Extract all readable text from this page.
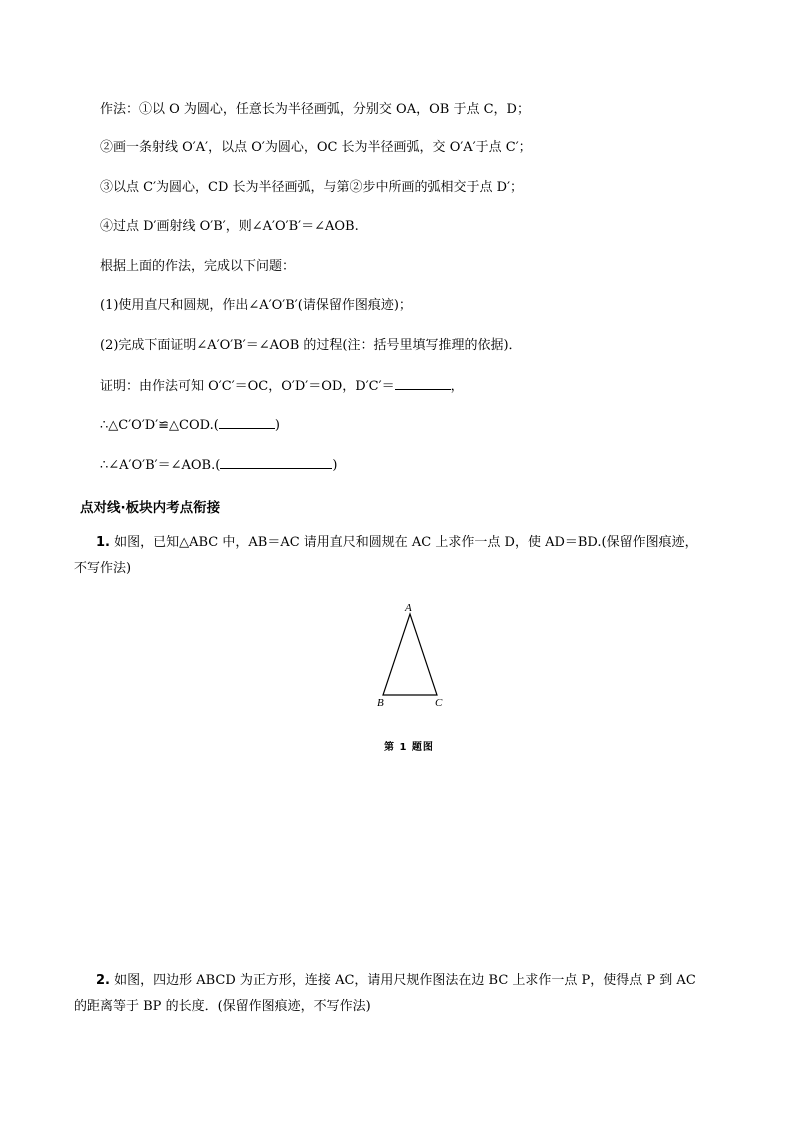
作法：①以 O 为圆心，任意长为半径画弧，分别交 OA，OB 于点 C，D；
②画一条射线 O′A′，以点 O′为圆心，OC 长为半径画弧，交 O′A′于点 C′；
③以点 C′为圆心，CD 长为半径画弧，与第②步中所画的弧相交于点 D′；
④过点 D′画射线 O′B′，则∠A′O′B′＝∠AOB.
根据上面的作法，完成以下问题：
(1)使用直尺和圆规，作出∠A′O′B′(请保留作图痕迹)；
(2)完成下面证明∠A′O′B′＝∠AOB 的过程(注：括号里填写推理的依据)．
证明：由作法可知 O′C′＝OC，O′D′＝OD，D′C′＝	，
∴△C′O′D′≌△COD.(	)
∴∠A′O′B′＝∠AOB.(	)
点对线·板块内考点衔接
1. 如图，已知△ABC 中，AB＝AC 请用直尺和圆规在 AC 上求作一点 D，使 AD＝BD.(保留作图痕迹，
不写作法)
A
B	C
第 1 题图
2. 如图，四边形 ABCD 为正方形，连接 AC，请用尺规作图法在边 BC 上求作一点 P，使得点 P 到 AC
的距离等于 BP 的长度．(保留作图痕迹，不写作法)
